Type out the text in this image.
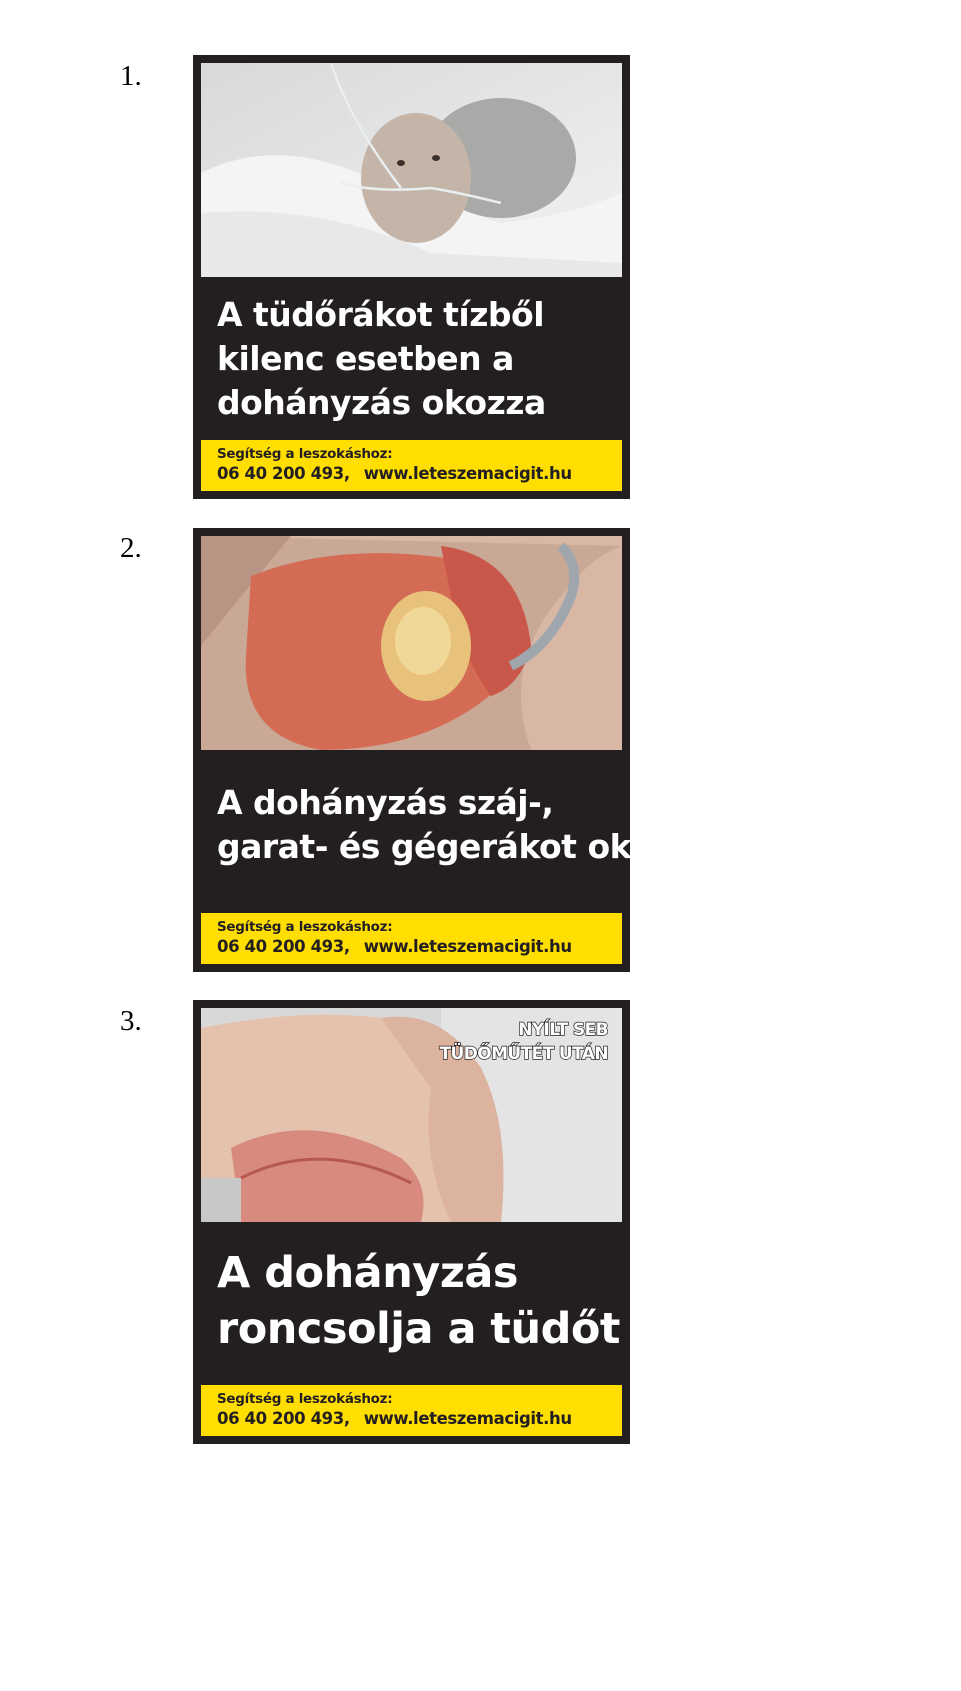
1.
A tüdőrákot tízből
kilenc esetben a
dohányzás okozza
Segítség a leszokáshoz:
06 40 200 493, www.leteszemacigit.hu
2.
A dohányzás száj-,
garat- és gégerákot okoz
Segítség a leszokáshoz:
06 40 200 493, www.leteszemacigit.hu
3.	NYÍLT SEB
TÜDŐMŰTÉT UTÁN
A dohányzás
roncsolja a tüdőt
Segítség a leszokáshoz:
06 40 200 493, www.leteszemacigit.hu
